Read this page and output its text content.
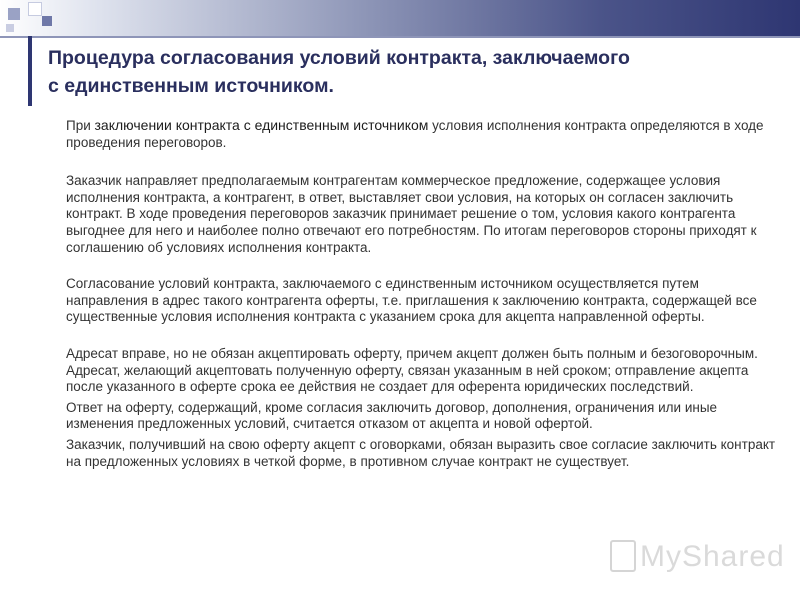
Процедура согласования условий контракта, заключаемого
с единственным источником.

При заключении контракта с единственным источником условия исполнения контракта определяются в ходе проведения переговоров.

Заказчик направляет предполагаемым контрагентам коммерческое предложение, содержащее условия исполнения контракта, а контрагент, в ответ, выставляет свои условия, на которых он согласен заключить контракт. В ходе проведения переговоров заказчик принимает решение о том, условия какого контрагента выгоднее для него и наиболее полно отвечают его потребностям. По итогам переговоров стороны приходят к соглашению об условиях исполнения контракта.

Согласование условий контракта, заключаемого с единственным источником осуществляется путем направления в адрес такого контрагента оферты, т.е. приглашения к заключению контракта, содержащей все существенные условия исполнения контракта с указанием срока для акцепта направленной оферты.

Адресат вправе, но не обязан акцептировать оферту, причем акцепт должен быть полным и безоговорочным. Адресат, желающий акцептовать полученную оферту, связан указанным в ней сроком; отправление акцепта после указанного в оферте срока ее действия не создает для оферента юридических последствий.

Ответ на оферту, содержащий, кроме согласия заключить договор, дополнения, ограничения или иные изменения предложенных условий, считается отказом от акцепта и новой офертой.

Заказчик, получивший на свою оферту акцепт с оговорками, обязан выразить свое согласие заключить контракт на предложенных условиях в четкой форме, в противном случае контракт не существует.

MyShared
